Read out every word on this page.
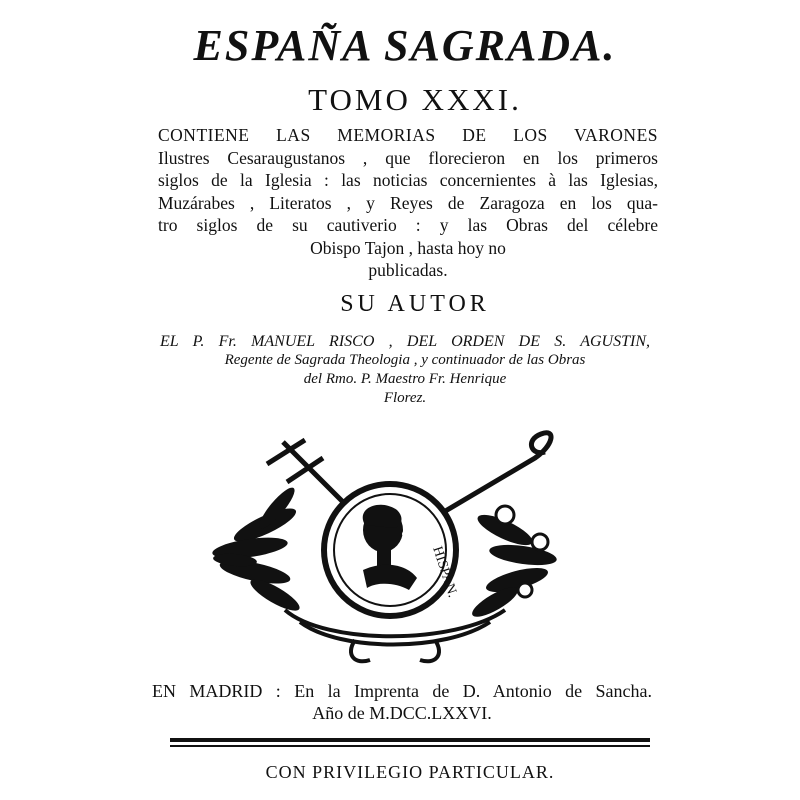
ESPAÑA SAGRADA.
TOMO XXXI.
CONTIENE LAS MEMORIAS DE LOS VARONES
Ilustres Cesaraugustanos , que florecieron en los primeros
siglos de la Iglesia : las noticias concernientes à las Iglesias,
Muzárabes , Literatos , y Reyes de Zaragoza en los qua-
tro siglos de su cautiverio : y las Obras del célebre
Obispo Tajon , hasta hoy no
publicadas.
SU AUTOR
EL P. Fr. MANUEL RISCO , DEL ORDEN DE S. AGUSTIN,
Regente de Sagrada Theologia , y continuador de las Obras
del Rmo. P. Maestro Fr. Henrique
Florez.
HISPAN.
EN MADRID : En la Imprenta de D. Antonio de Sancha.
Año de M.DCC.LXXVI.
CON PRIVILEGIO PARTICULAR.
